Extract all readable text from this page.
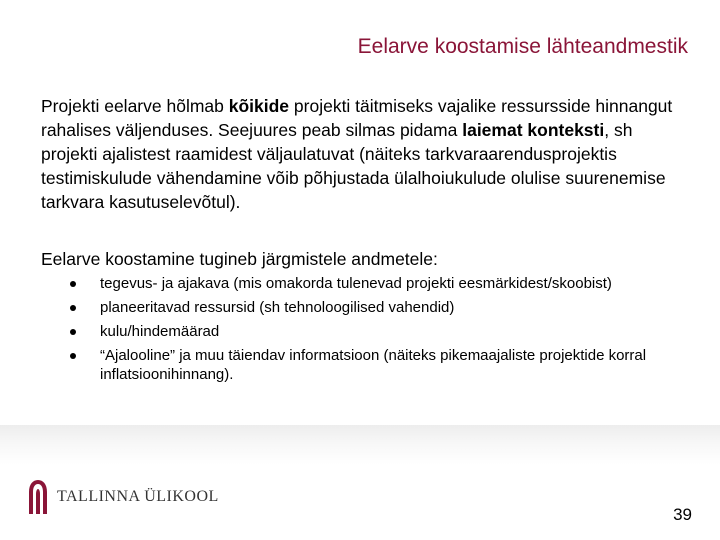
Eelarve koostamise lähteandmestik

Projekti eelarve hõlmab kõikide projekti täitmiseks vajalike ressursside hinnangut rahalises väljenduses. Seejuures peab silmas pidama laiemat konteksti, sh projekti ajalistest raamidest väljaulatuvat (näiteks tarkvaraarendusprojektis testimiskulude vähendamine võib põhjustada ülalhoiukulude olulise suurenemise tarkvara kasutuselevõtul).

Eelarve koostamine tugineb järgmistele andmetele:

tegevus- ja ajakava (mis omakorda tulenevad projekti eesmärkidest/skoobist)
planeeritavad ressursid (sh tehnoloogilised vahendid)
kulu/hindemäärad
“Ajalooline” ja muu täiendav informatsioon (näiteks pikemaajaliste projektide korral inflatsioonihinnang).
TALLINNA ÜLIKOOL
39
